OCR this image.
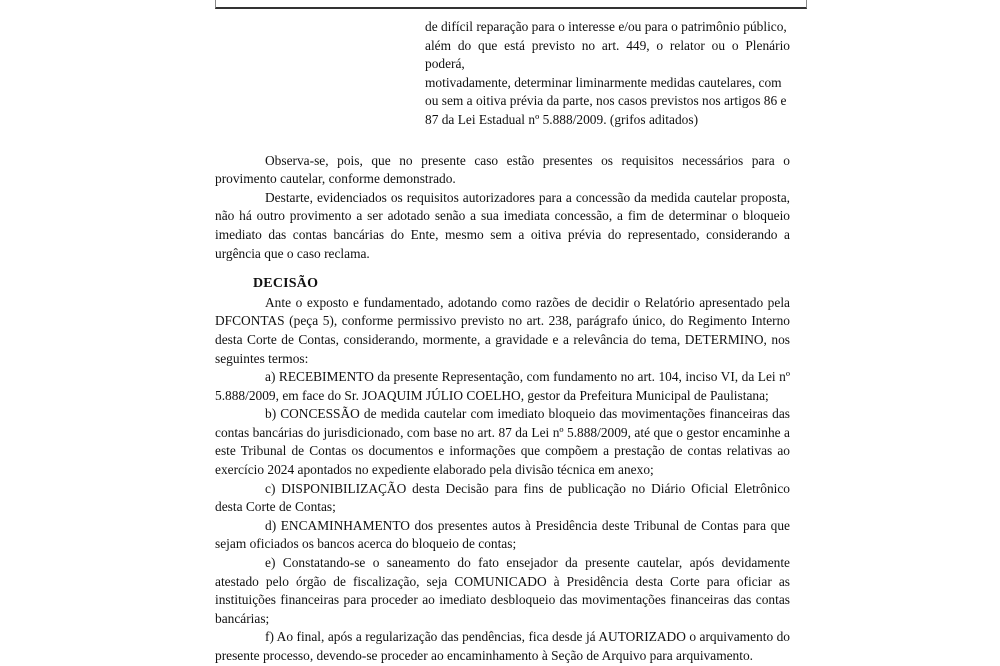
de difícil reparação para o interesse e/ou para o patrimônio público,

além do que está previsto no art. 449, o relator ou o Plenário poderá,

motivadamente, determinar liminarmente medidas cautelares, com

ou sem a oitiva prévia da parte, nos casos previstos nos artigos 86 e

87 da Lei Estadual nº 5.888/2009. (grifos aditados)

Observa-se, pois, que no presente caso estão presentes os requisitos necessários para o provimento cautelar, conforme demonstrado.

Destarte, evidenciados os requisitos autorizadores para a concessão da medida cautelar proposta, não há outro provimento a ser adotado senão a sua imediata concessão, a fim de determinar o bloqueio imediato das contas bancárias do Ente, mesmo sem a oitiva prévia do representado, considerando a urgência que o caso reclama.

DECISÃO

Ante o exposto e fundamentado, adotando como razões de decidir o Relatório apresentado pela DFCONTAS (peça 5), conforme permissivo previsto no art. 238, parágrafo único, do Regimento Interno desta Corte de Contas, considerando, mormente, a gravidade e a relevância do tema, DETERMINO, nos seguintes termos:

a) RECEBIMENTO da presente Representação, com fundamento no art. 104, inciso VI, da Lei nº 5.888/2009, em face do Sr. JOAQUIM JÚLIO COELHO, gestor da Prefeitura Municipal de Paulistana;

b) CONCESSÃO de medida cautelar com imediato bloqueio das movimentações financeiras das contas bancárias do jurisdicionado, com base no art. 87 da Lei nº 5.888/2009, até que o gestor encaminhe a este Tribunal de Contas os documentos e informações que compõem a prestação de contas relativas ao exercício 2024 apontados no expediente elaborado pela divisão técnica em anexo;

c) DISPONIBILIZAÇÃO desta Decisão para fins de publicação no Diário Oficial Eletrônico desta Corte de Contas;

d) ENCAMINHAMENTO dos presentes autos à Presidência deste Tribunal de Contas para que sejam oficiados os bancos acerca do bloqueio de contas;

e) Constatando-se o saneamento do fato ensejador da presente cautelar, após devidamente atestado pelo órgão de fiscalização, seja COMUNICADO à Presidência desta Corte para oficiar as instituições financeiras para proceder ao imediato desbloqueio das movimentações financeiras das contas bancárias;

f) Ao final, após a regularização das pendências, fica desde já AUTORIZADO o arquivamento do presente processo, devendo-se proceder ao encaminhamento à Seção de Arquivo para arquivamento.
